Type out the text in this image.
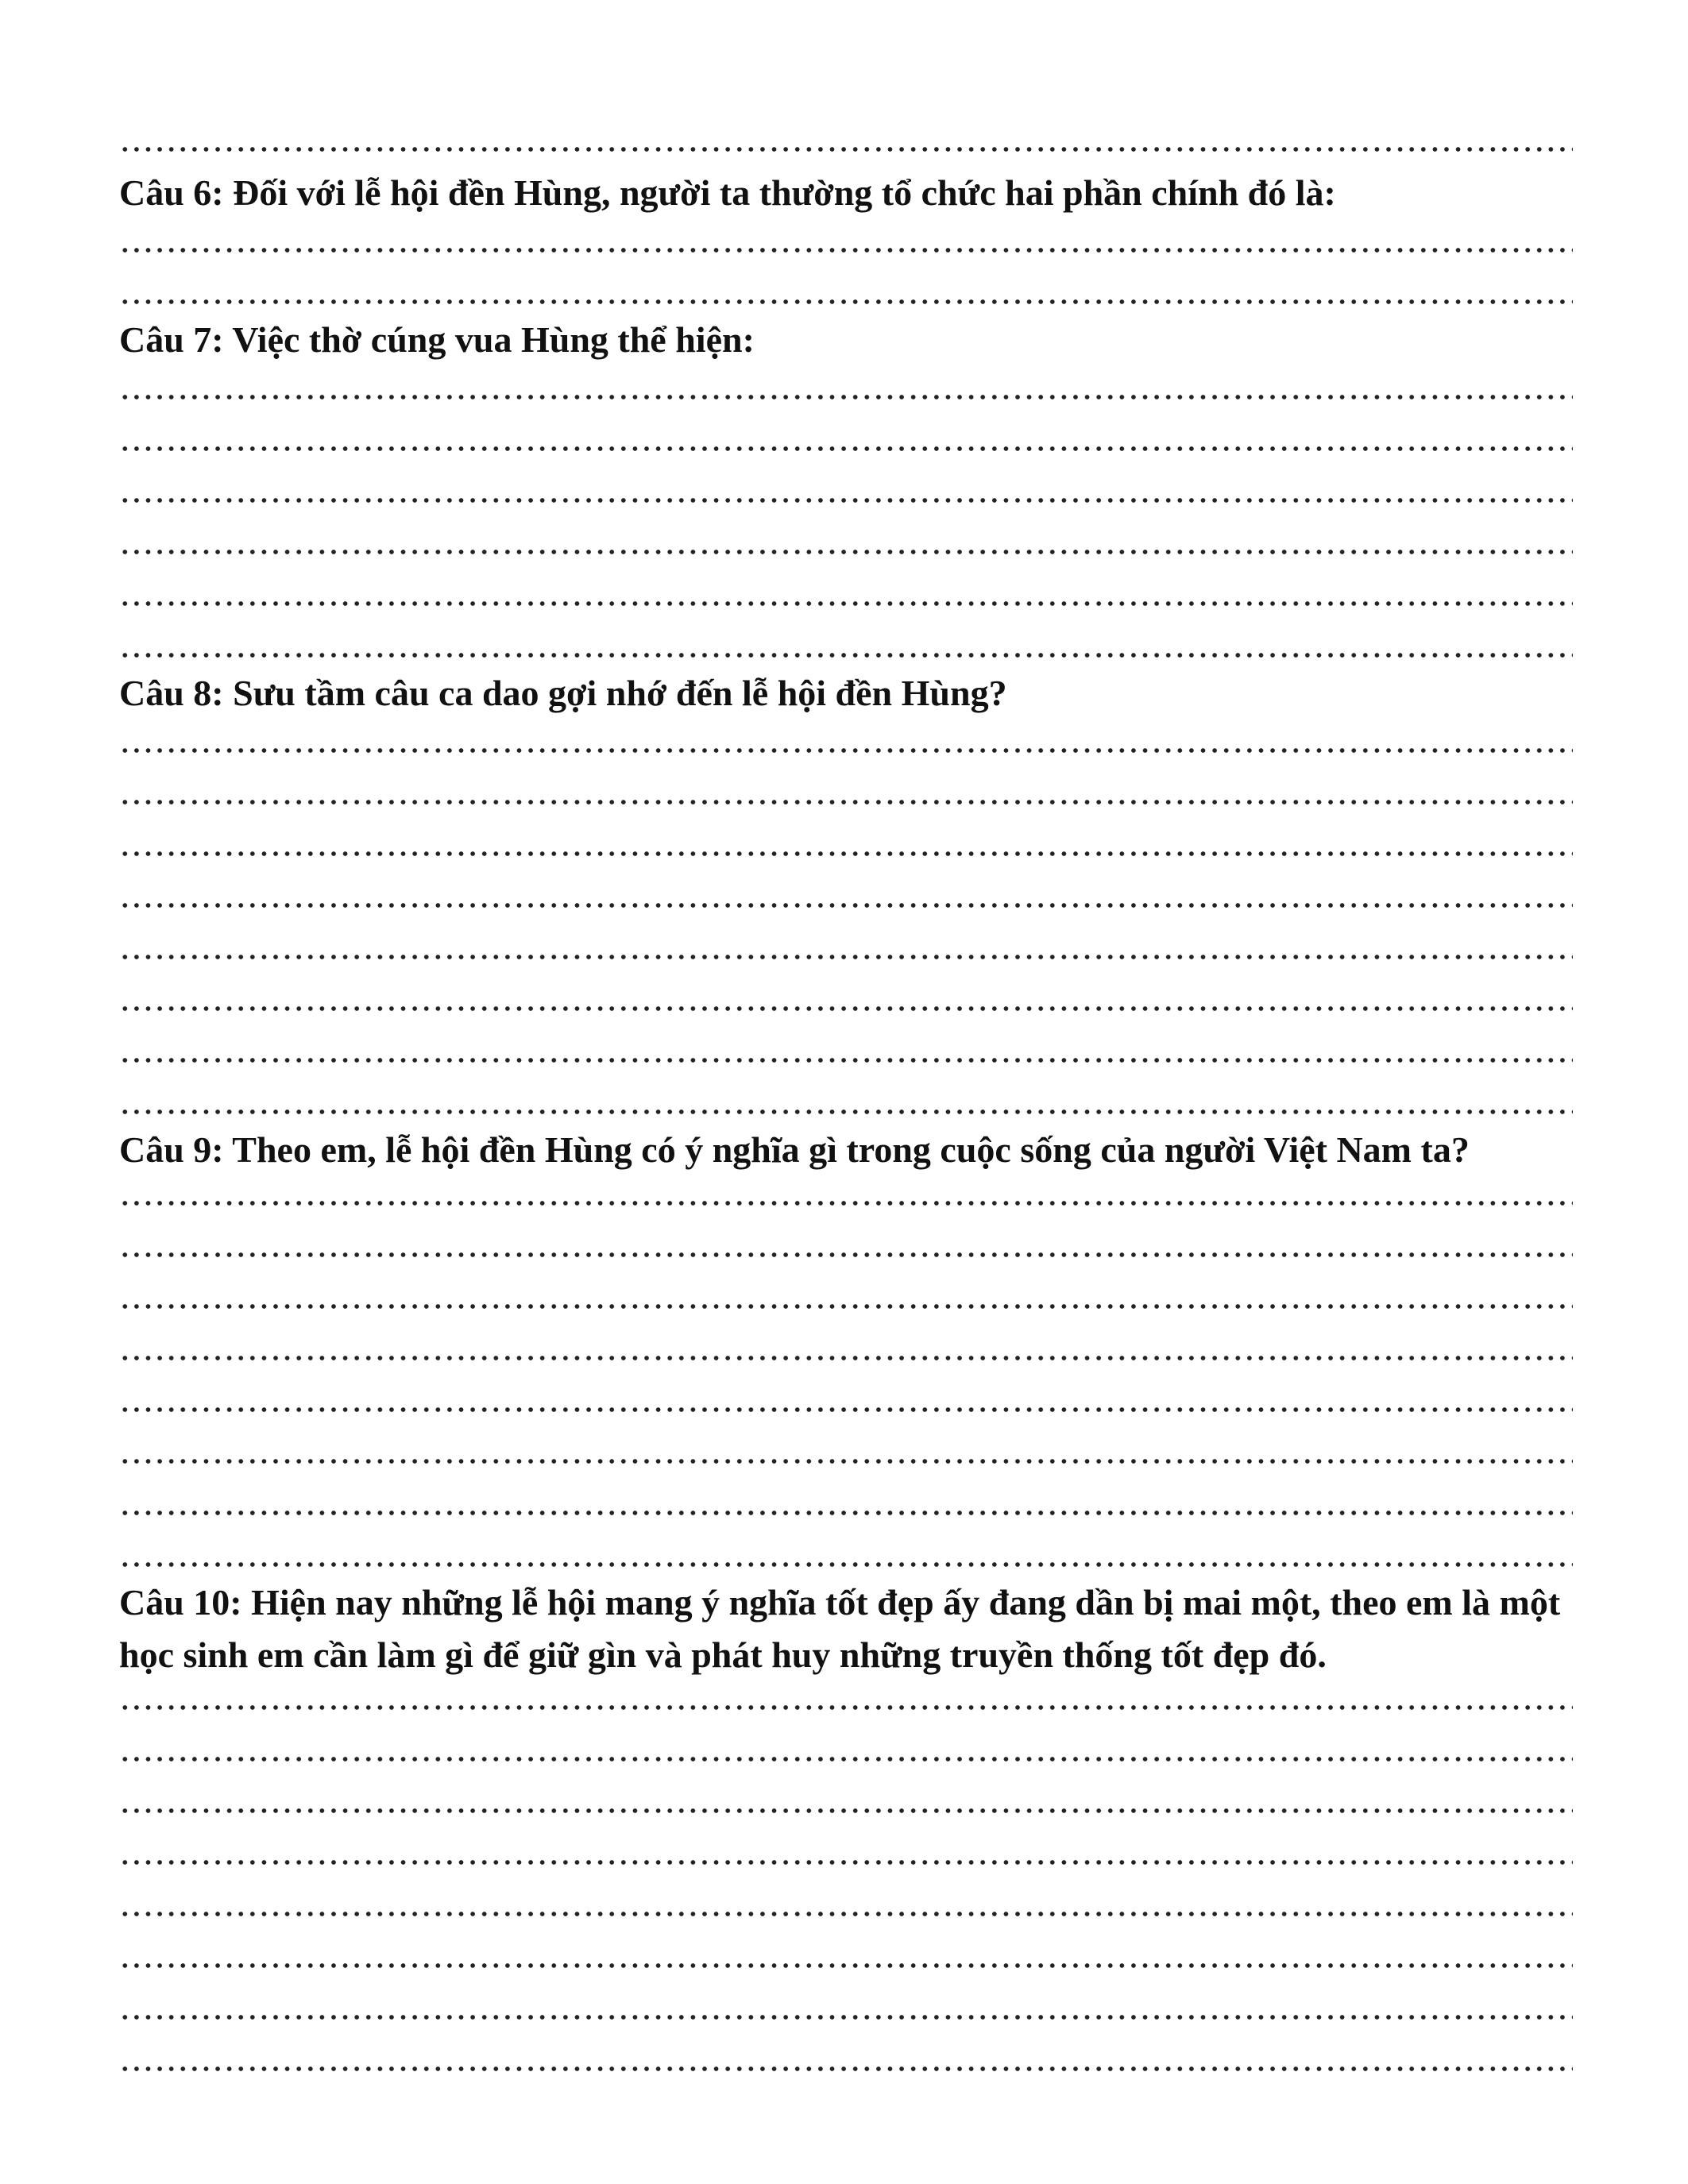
Câu 6: Đối với lễ hội đền Hùng, người ta thường tổ chức hai phần chính đó là:

Câu 7: Việc thờ cúng vua Hùng thể hiện:

Câu 8: Sưu tầm câu ca dao gợi nhớ đến lễ hội đền Hùng?

Câu 9: Theo em, lễ hội đền Hùng có ý nghĩa gì trong cuộc sống của người Việt Nam ta?

Câu 10: Hiện nay những lễ hội mang ý nghĩa tốt đẹp ấy đang dần bị mai một, theo em là một học sinh em cần làm gì để giữ gìn và phát huy những truyền thống tốt đẹp đó.
